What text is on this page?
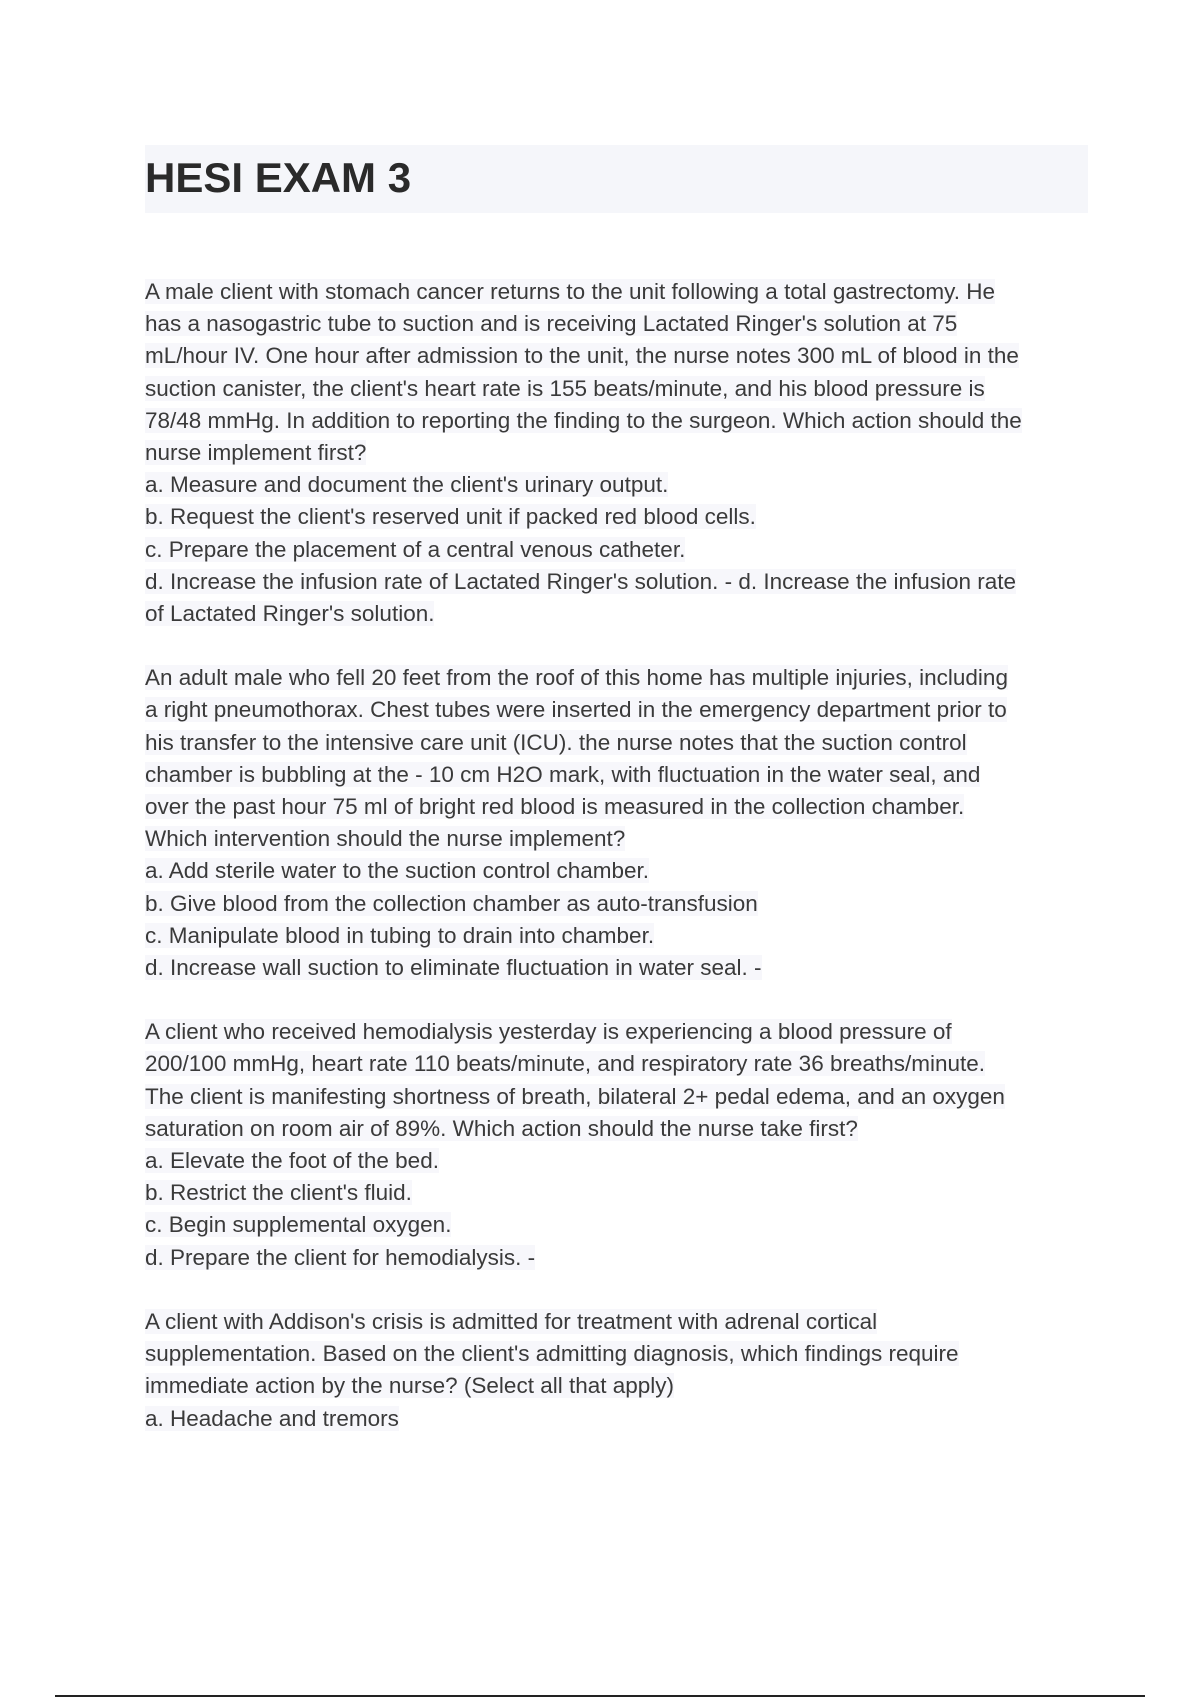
HESI EXAM 3
A male client with stomach cancer returns to the unit following a total gastrectomy. He
has a nasogastric tube to suction and is receiving Lactated Ringer's solution at 75
mL/hour IV. One hour after admission to the unit, the nurse notes 300 mL of blood in the
suction canister, the client's heart rate is 155 beats/minute, and his blood pressure is
78/48 mmHg. In addition to reporting the finding to the surgeon. Which action should the
nurse implement first?
a. Measure and document the client's urinary output.
b. Request the client's reserved unit if packed red blood cells.
c. Prepare the placement of a central venous catheter.
d. Increase the infusion rate of Lactated Ringer's solution. - d. Increase the infusion rate
of Lactated Ringer's solution.
An adult male who fell 20 feet from the roof of this home has multiple injuries, including
a right pneumothorax. Chest tubes were inserted in the emergency department prior to
his transfer to the intensive care unit (ICU). the nurse notes that the suction control
chamber is bubbling at the - 10 cm H2O mark, with fluctuation in the water seal, and
over the past hour 75 ml of bright red blood is measured in the collection chamber.
Which intervention should the nurse implement?
a. Add sterile water to the suction control chamber.
b. Give blood from the collection chamber as auto-transfusion
c. Manipulate blood in tubing to drain into chamber.
d. Increase wall suction to eliminate fluctuation in water seal. -
A client who received hemodialysis yesterday is experiencing a blood pressure of
200/100 mmHg, heart rate 110 beats/minute, and respiratory rate 36 breaths/minute.
The client is manifesting shortness of breath, bilateral 2+ pedal edema, and an oxygen
saturation on room air of 89%. Which action should the nurse take first?
a. Elevate the foot of the bed.
b. Restrict the client's fluid.
c. Begin supplemental oxygen.
d. Prepare the client for hemodialysis. -
A client with Addison's crisis is admitted for treatment with adrenal cortical
supplementation. Based on the client's admitting diagnosis, which findings require
immediate action by the nurse? (Select all that apply)
a. Headache and tremors
